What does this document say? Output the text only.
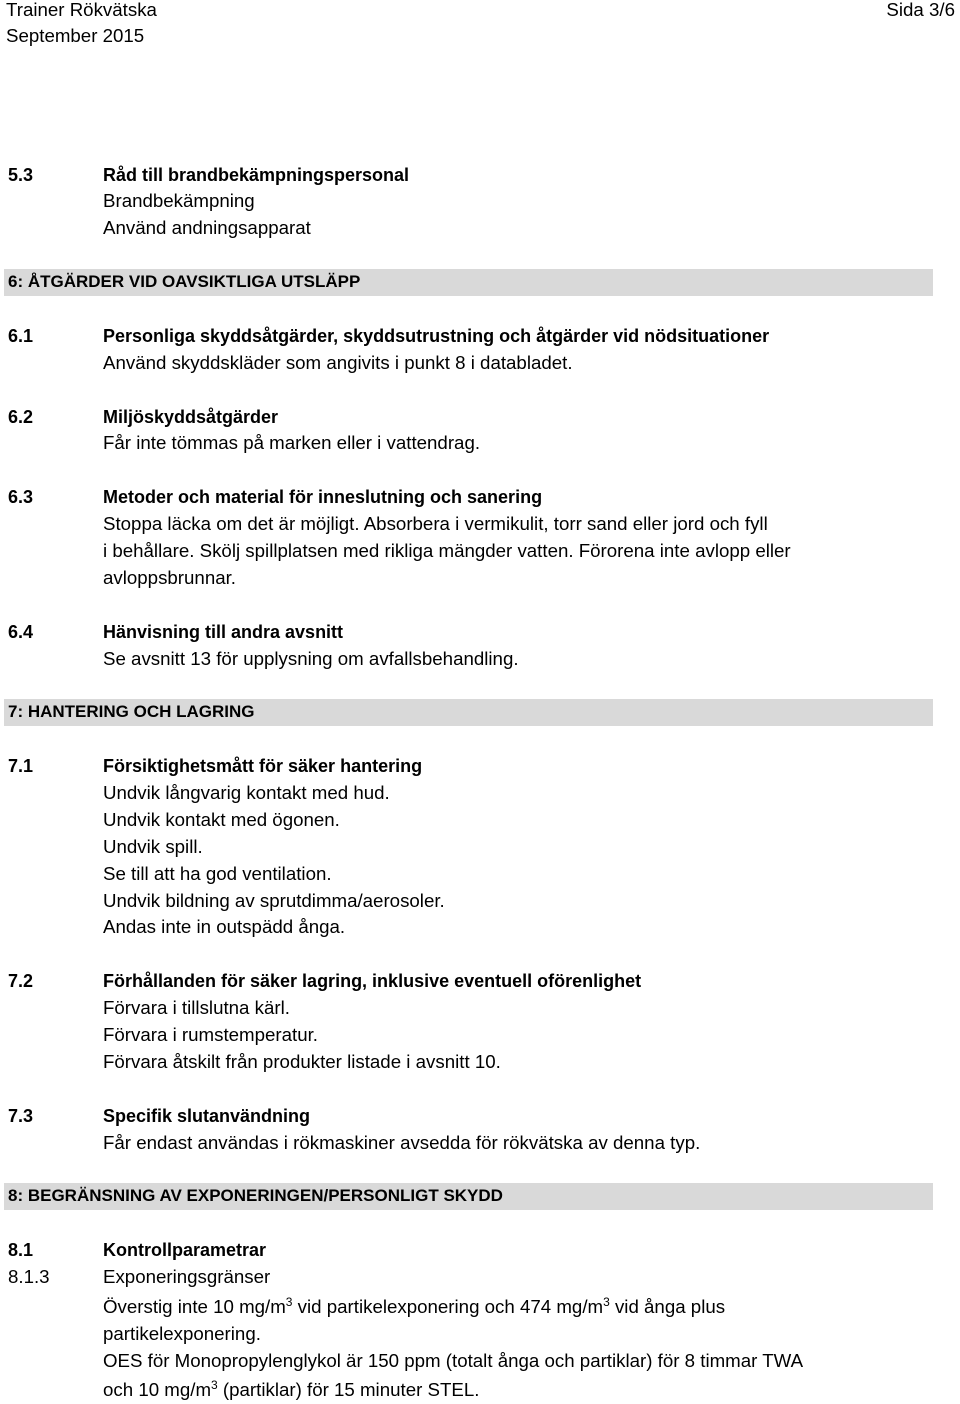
Trainer Rökvätska
September 2015
Sida 3/6
5.3	Råd till brandbekämpningspersonal
Brandbekämpning
Använd andningsapparat
6: ÅTGÄRDER VID OAVSIKTLIGA UTSLÄPP
6.1	Personliga skyddsåtgärder, skyddsutrustning och åtgärder vid nödsituationer
Använd skyddskläder som angivits i punkt 8 i databladet.
6.2	Miljöskyddsåtgärder
Får inte tömmas på marken eller i vattendrag.
6.3	Metoder och material för inneslutning och sanering
Stoppa läcka om det är möjligt. Absorbera i vermikulit, torr sand eller jord och fyll
i behållare. Skölj spillplatsen med rikliga mängder vatten. Förorena inte avlopp eller
avloppsbrunnar.
6.4	Hänvisning till andra avsnitt
Se avsnitt 13 för upplysning om avfallsbehandling.
7: HANTERING OCH LAGRING
7.1	Försiktighetsmått för säker hantering
Undvik långvarig kontakt med hud.
Undvik kontakt med ögonen.
Undvik spill.
Se till att ha god ventilation.
Undvik bildning av sprutdimma/aerosoler.
Andas inte in outspädd ånga.
7.2	Förhållanden för säker lagring, inklusive eventuell oförenlighet
Förvara i tillslutna kärl.
Förvara i rumstemperatur.
Förvara åtskilt från produkter listade i avsnitt 10.
7.3	Specifik slutanvändning
Får endast användas i rökmaskiner avsedda för rökvätska av denna typ.
8: BEGRÄNSNING AV EXPONERINGEN/PERSONLIGT SKYDD
8.1	Kontrollparametrar
8.1.3	Exponeringsgränser
Överstig inte 10 $mg/m^3$ vid partikelexponering och 474 $mg/m^3$ vid ånga plus
partikelexponering.
OES för Monopropylenglykol är 150 ppm (totalt ånga och partiklar) för 8 timmar TWA
och 10 $mg/m^3$ (partiklar) för 15 minuter STEL.
